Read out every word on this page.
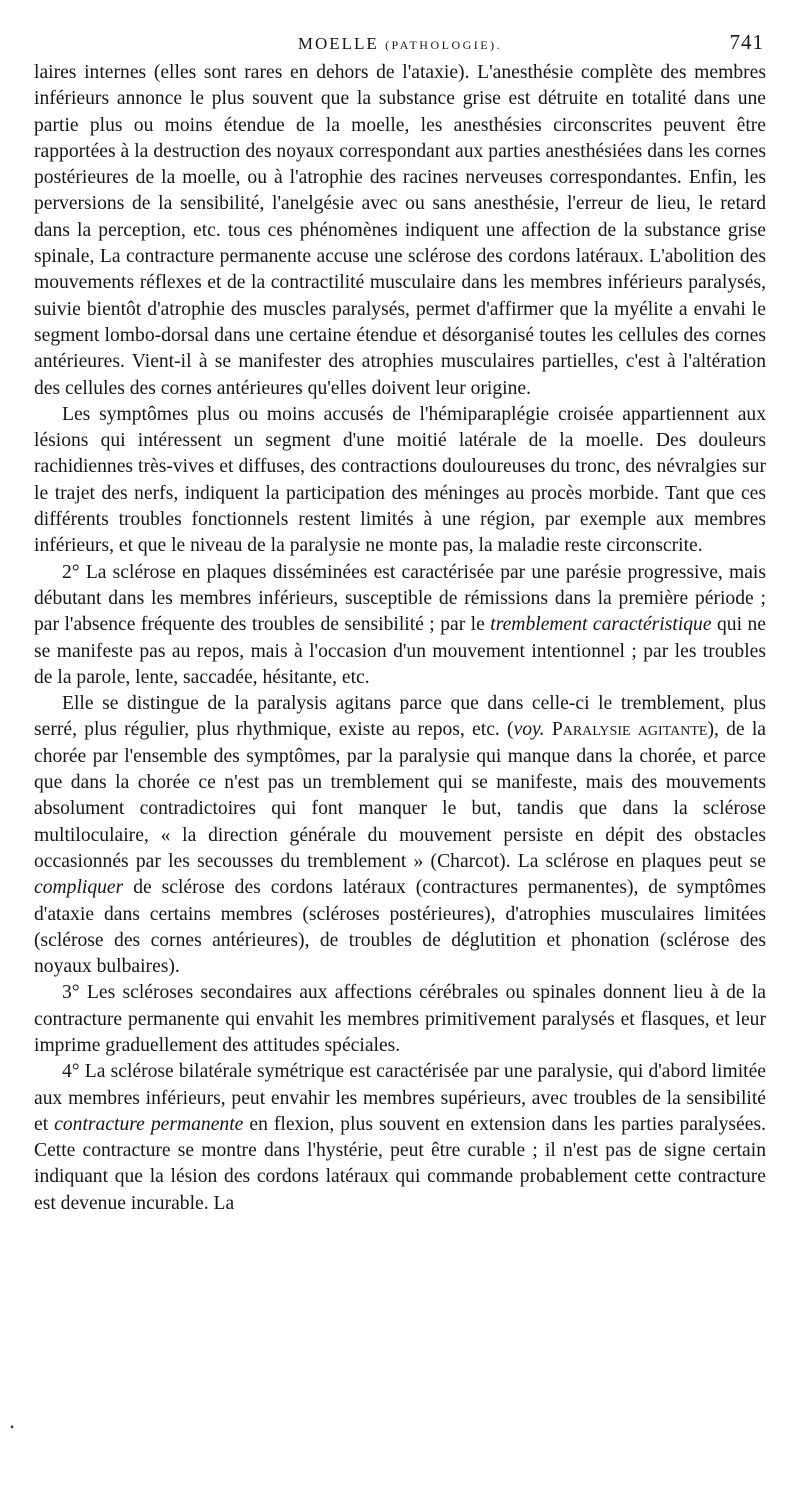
MOELLE (PATHOLOGIE).	741

laires internes (elles sont rares en dehors de l'ataxie). L'anesthésie complète des membres inférieurs annonce le plus souvent que la substance grise est détruite en totalité dans une partie plus ou moins étendue de la moelle, les anesthésies circonscrites peuvent être rapportées à la destruction des noyaux correspondant aux parties anesthésiées dans les cornes postérieures de la moelle, ou à l'atrophie des racines nerveuses correspondantes. Enfin, les perversions de la sensibilité, l'anelgésie avec ou sans anesthésie, l'erreur de lieu, le retard dans la perception, etc. tous ces phénomènes indiquent une affection de la substance grise spinale, La contracture permanente accuse une sclérose des cordons latéraux. L'abolition des mouvements réflexes et de la contractilité musculaire dans les membres inférieurs paralysés, suivie bientôt d'atrophie des muscles paralysés, permet d'affirmer que la myélite a envahi le segment lombo-dorsal dans une certaine étendue et désorganisé toutes les cellules des cornes antérieures. Vient-il à se manifester des atrophies musculaires partielles, c'est à l'altération des cellules des cornes antérieures qu'elles doivent leur origine.

Les symptômes plus ou moins accusés de l'hémiparaplégie croisée appartiennent aux lésions qui intéressent un segment d'une moitié latérale de la moelle. Des douleurs rachidiennes très-vives et diffuses, des contractions douloureuses du tronc, des névralgies sur le trajet des nerfs, indiquent la participation des méninges au procès morbide. Tant que ces différents troubles fonctionnels restent limités à une région, par exemple aux membres inférieurs, et que le niveau de la paralysie ne monte pas, la maladie reste circonscrite.

2° La sclérose en plaques disséminées est caractérisée par une parésie progressive, mais débutant dans les membres inférieurs, susceptible de rémissions dans la première période ; par l'absence fréquente des troubles de sensibilité ; par le tremblement caractéristique qui ne se manifeste pas au repos, mais à l'occasion d'un mouvement intentionnel ; par les troubles de la parole, lente, saccadée, hésitante, etc.

Elle se distingue de la paralysis agitans parce que dans celle-ci le tremblement, plus serré, plus régulier, plus rhythmique, existe au repos, etc. (voy. Paralysie agitante), de la chorée par l'ensemble des symptômes, par la paralysie qui manque dans la chorée, et parce que dans la chorée ce n'est pas un tremblement qui se manifeste, mais des mouvements absolument contradictoires qui font manquer le but, tandis que dans la sclérose multiloculaire, « la direction générale du mouvement persiste en dépit des obstacles occasionnés par les secousses du tremblement » (Charcot). La sclérose en plaques peut se compliquer de sclérose des cordons latéraux (contractures permanentes), de symptômes d'ataxie dans certains membres (scléroses postérieures), d'atrophies musculaires limitées (sclérose des cornes antérieures), de troubles de déglutition et phonation (sclérose des noyaux bulbaires).

3° Les scléroses secondaires aux affections cérébrales ou spinales donnent lieu à de la contracture permanente qui envahit les membres primitivement paralysés et flasques, et leur imprime graduellement des attitudes spéciales.

4° La sclérose bilatérale symétrique est caractérisée par une paralysie, qui d'abord limitée aux membres inférieurs, peut envahir les membres supérieurs, avec troubles de la sensibilité et contracture permanente en flexion, plus souvent en extension dans les parties paralysées. Cette contracture se montre dans l'hystérie, peut être curable ; il n'est pas de signe certain indiquant que la lésion des cordons latéraux qui commande probablement cette contracture est devenue incurable. La

•
